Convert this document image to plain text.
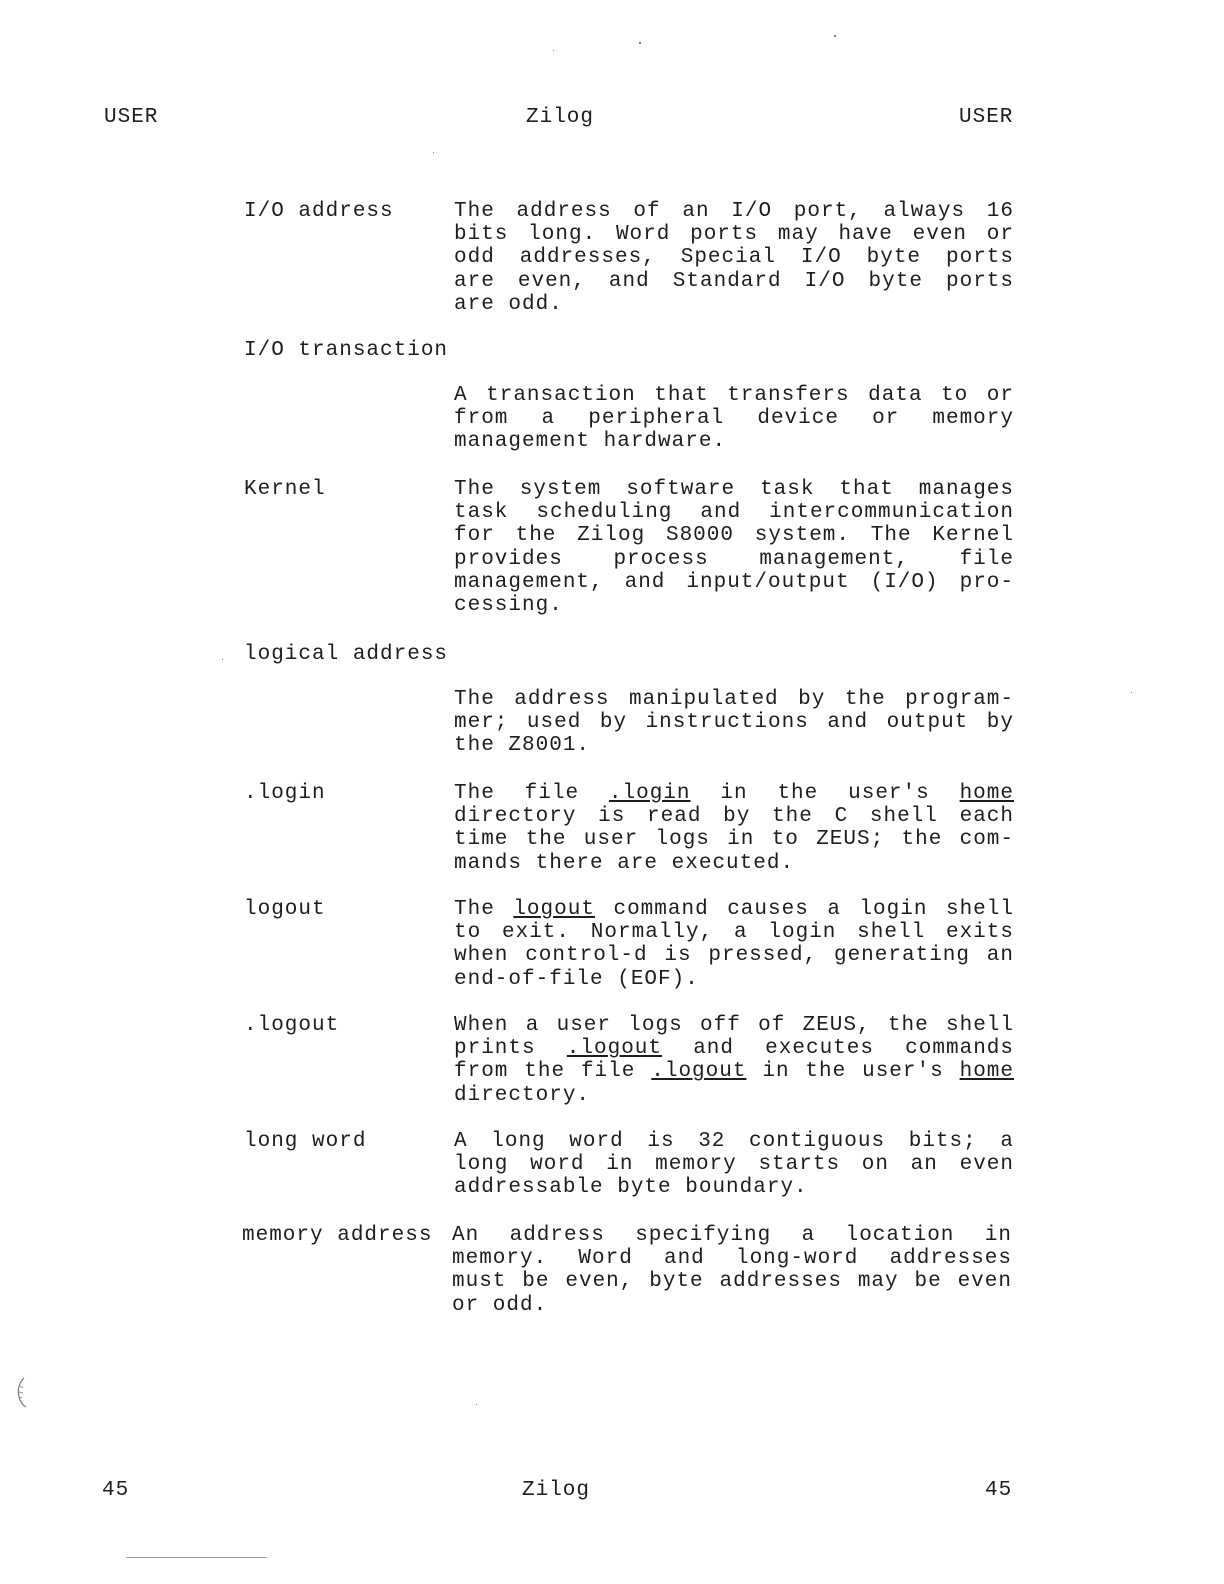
USER	Zilog	USER
I/O address	The address of an I/O port, always 16
bits long. Word ports may have even or
odd addresses, Special I/O byte ports
are even, and Standard I/O byte ports
are odd.
I/O transaction
A transaction that transfers data to or
from a peripheral device or memory
management hardware.
Kernel	The system software task that manages
task scheduling and intercommunication
for the Zilog S8000 system. The Kernel
provides process management, file
management, and input/output (I/O) pro-
cessing.
logical address
The address manipulated by the program-
mer; used by instructions and output by
the Z8001.
.login	The file .login in the user's home
directory is read by the C shell each
time the user logs in to ZEUS; the com-
mands there are executed.
logout	The logout command causes a login shell
to exit. Normally, a login shell exits
when control-d is pressed, generating an
end-of-file (EOF).
.logout	When a user logs off of ZEUS, the shell
prints .logout and executes commands
from the file .logout in the user's home
directory.
long word	A long word is 32 contiguous bits; a
long word in memory starts on an even
addressable byte boundary.
memory address An address specifying a location in
memory. Word and long-word addresses
must be even, byte addresses may be even
or odd.
45	Zilog	45
